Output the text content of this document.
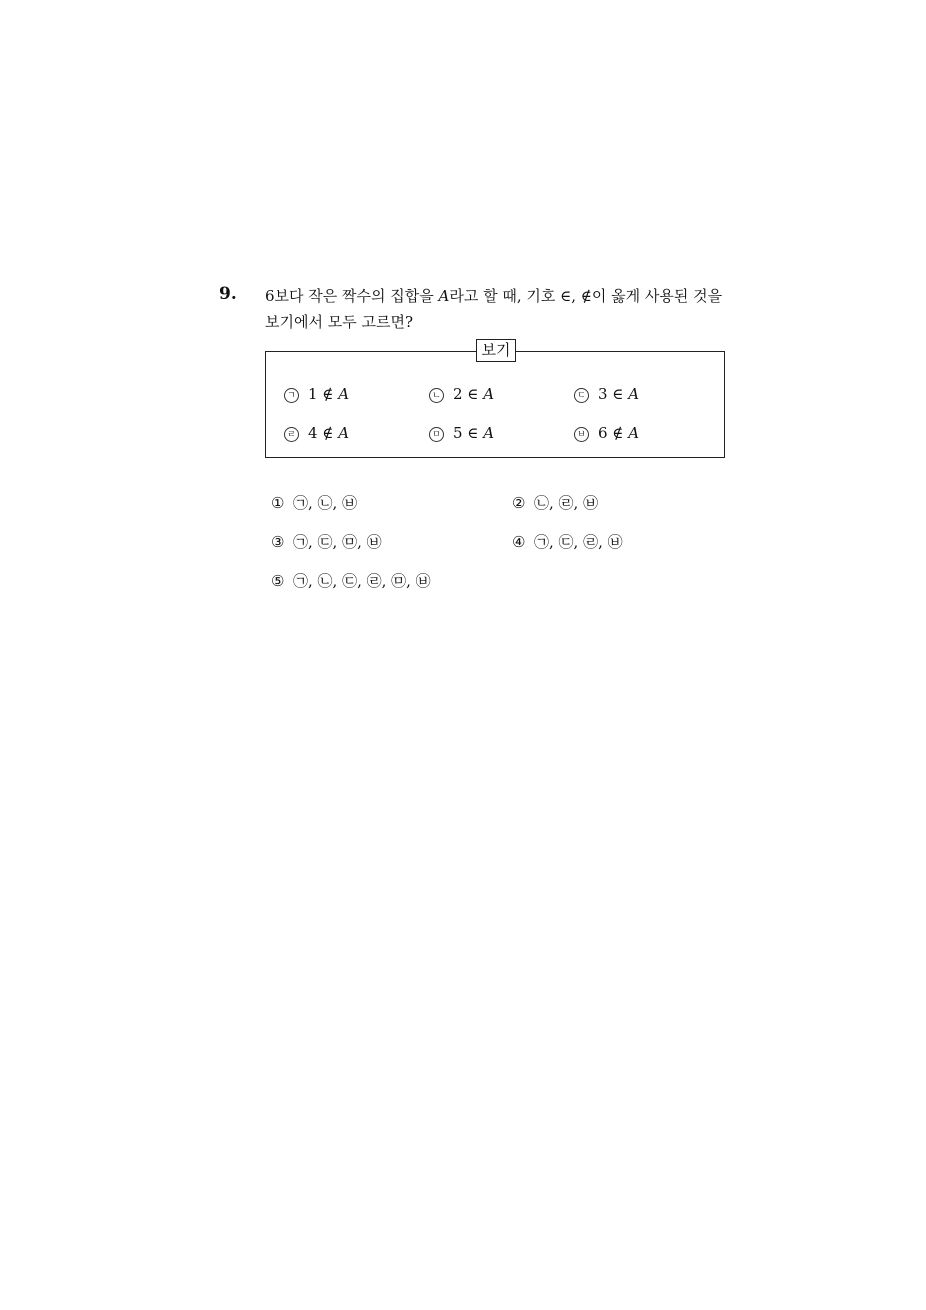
9. 6보다 작은 짝수의 집합을 A라고 할 때, 기호 ∈, ∉이 옳게 사용된 것을
보기에서 모두 고르면?
보기
ㄱ 1 ∉ A	ㄴ 2 ∈ A	ㄷ 3 ∈ A
ㄹ 4 ∉ A	ㅁ 5 ∈ A	ㅂ 6 ∉ A
① ㉠, ㉡, ㉥	② ㉡, ㉣, ㉥
③ ㉠, ㉢, ㉤, ㉥	④ ㉠, ㉢, ㉣, ㉥
⑤ ㉠, ㉡, ㉢, ㉣, ㉤, ㉥
